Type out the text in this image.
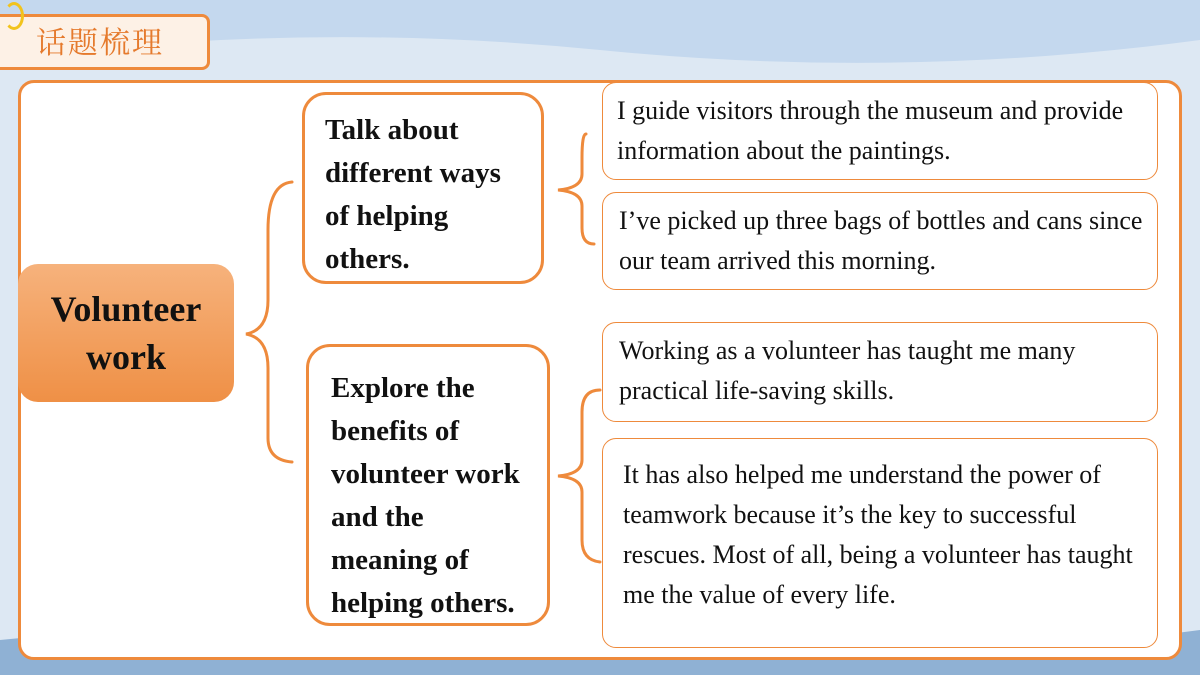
话题梳理
Volunteer
work
Talk about different ways of helping others.
Explore the benefits of volunteer work and the meaning of helping others.
I guide visitors through the museum and provide information about the paintings.
I’ve picked up three bags of bottles and cans since our team arrived this morning.
Working as a volunteer has taught me many practical life-saving skills.
It has also helped me understand the power of teamwork because it’s the key to successful rescues. Most of all, being a volunteer has taught me the value of every life.
